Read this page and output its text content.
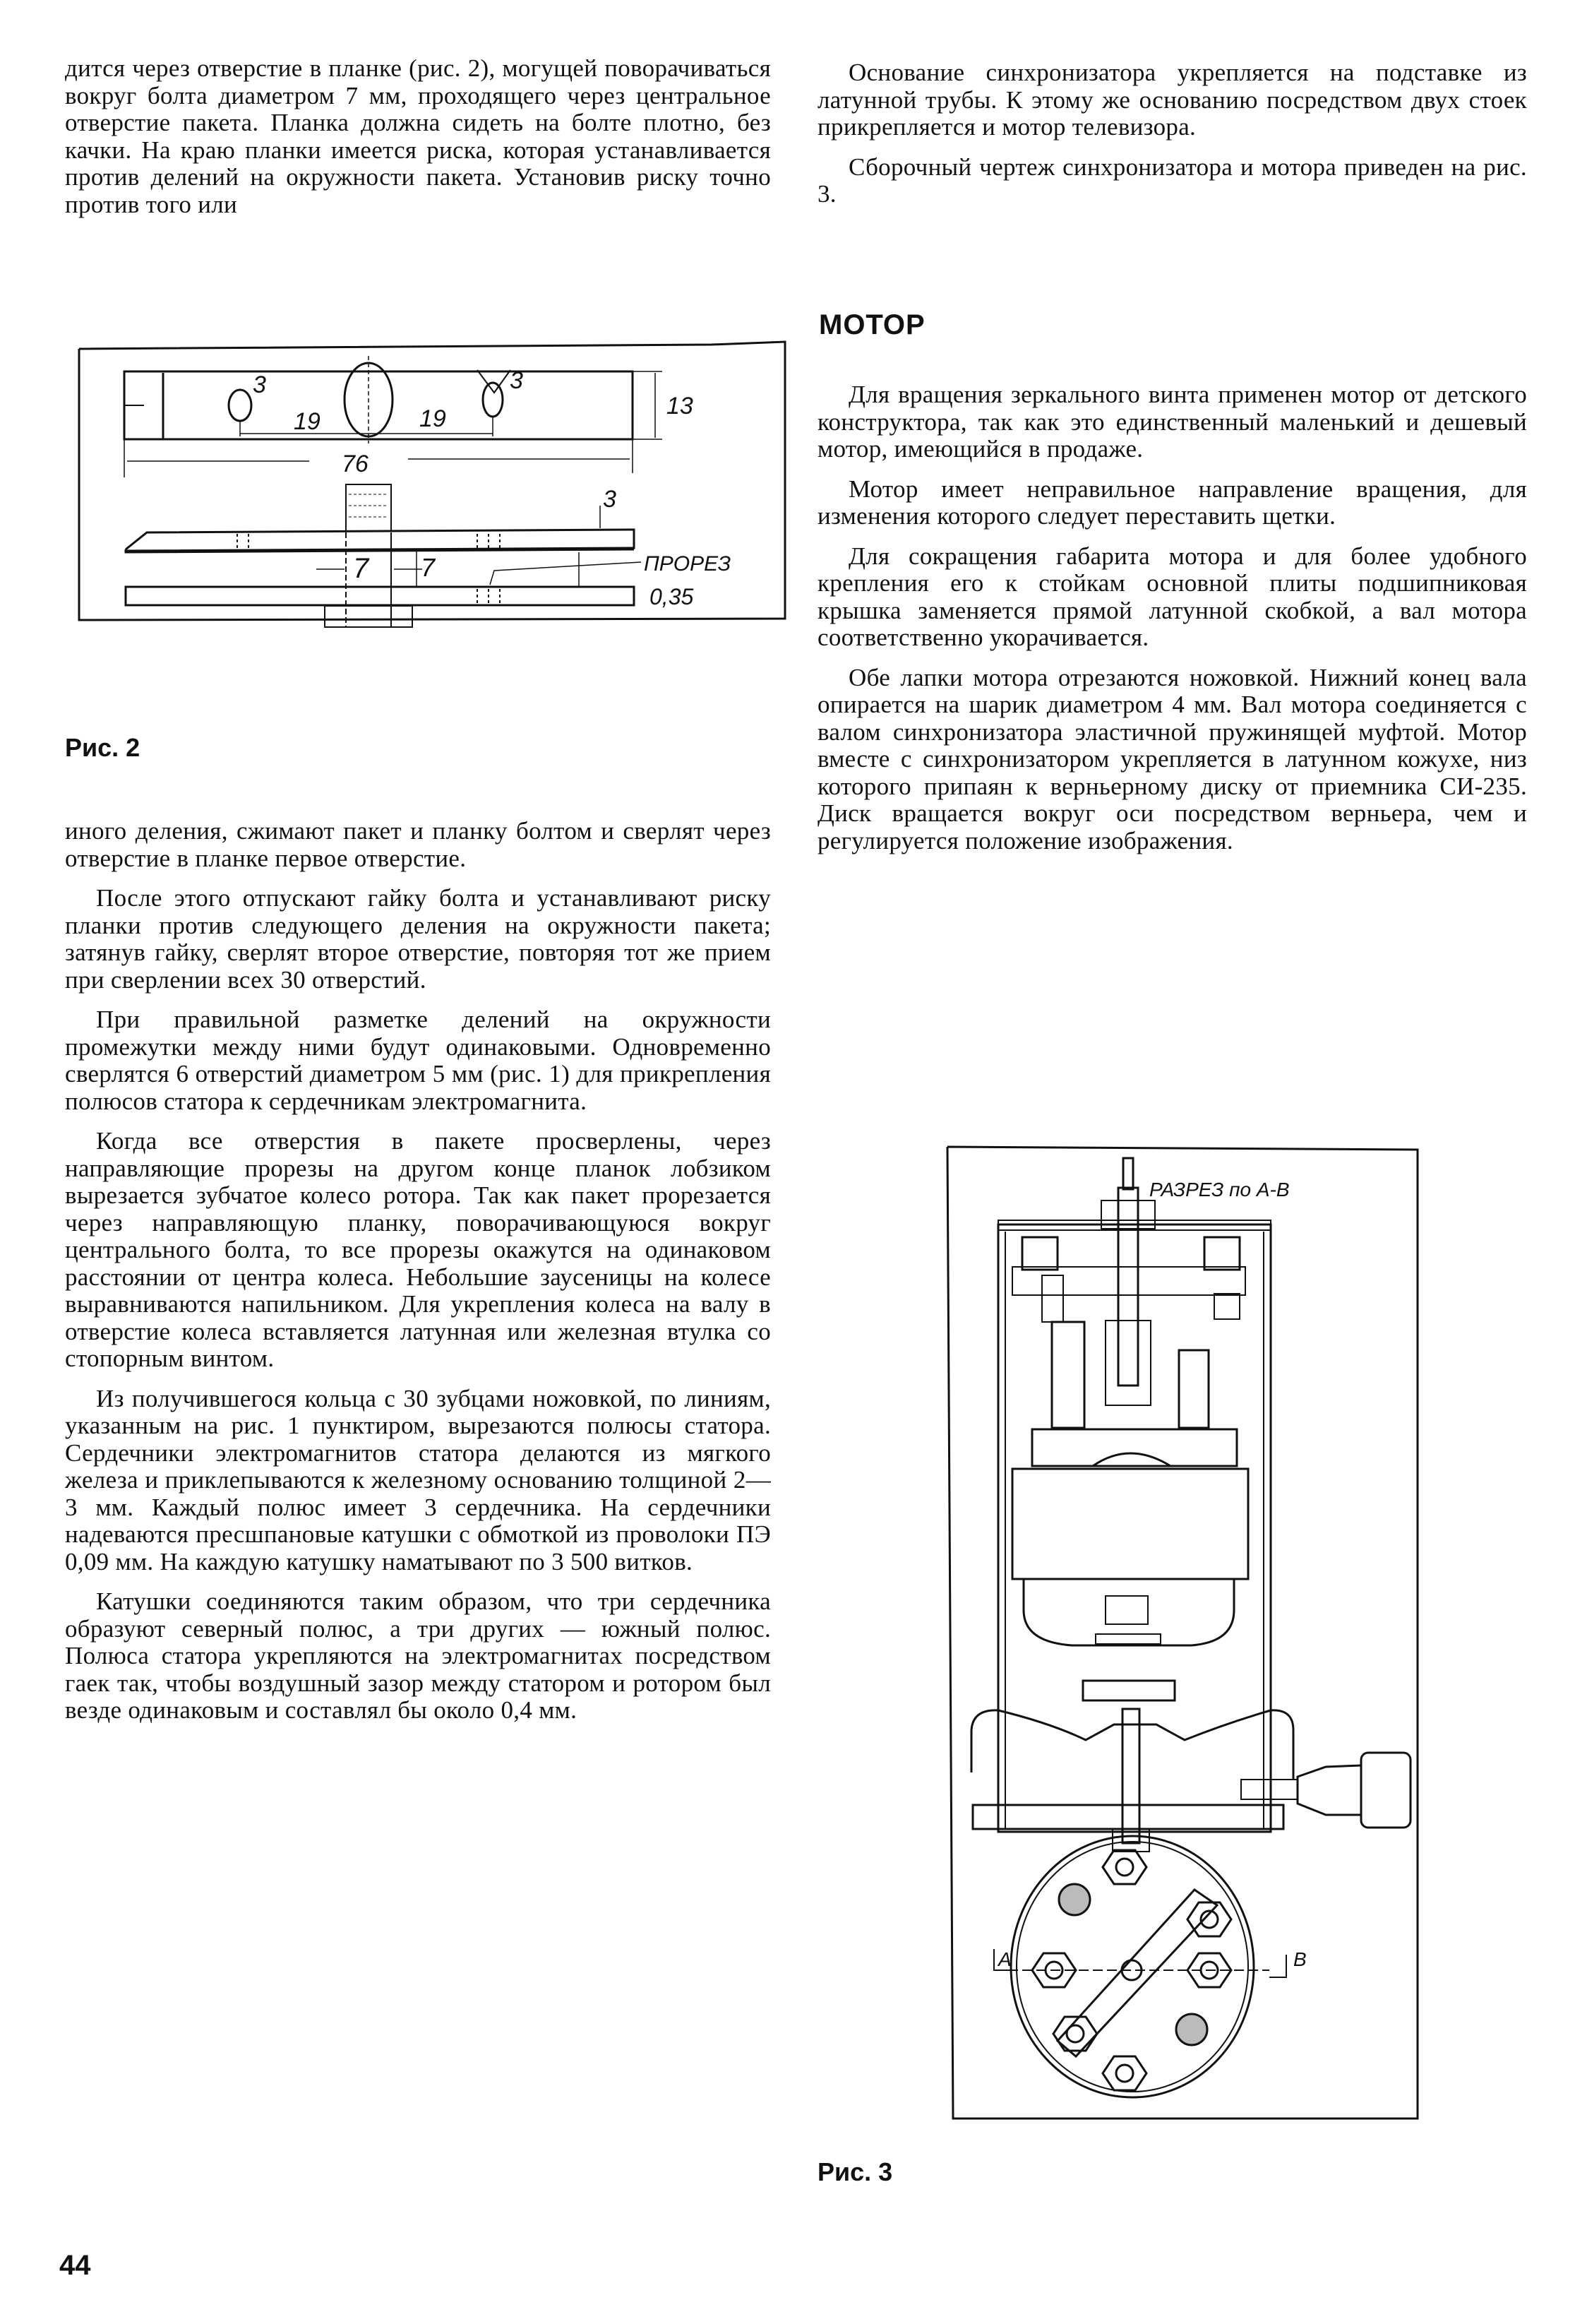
дится через отверстие в планке (рис. 2), могущей поворачиваться вокруг болта диаметром 7 мм, проходящего через центральное отверстие пакета. Планка должна сидеть на болте плотно, без качки. На краю планки имеется риска, которая устанавливается против делений на окружности пакета. Установив риску точно против того или

3	3
19	19	13
76
3
7 7	ПРОРЕЗ
0,35
Рис. 2

иного деления, сжимают пакет и планку болтом и сверлят через отверстие в планке первое отверстие.

После этого отпускают гайку болта и устанавливают риску планки против следующего деления на окружности пакета; затянув гайку, сверлят второе отверстие, повторяя тот же прием при сверлении всех 30 отверстий.

При правильной разметке делений на окружности промежутки между ними будут одинаковыми. Одновременно сверлятся 6 отверстий диаметром 5 мм (рис. 1) для прикрепления полюсов статора к сердечникам электромагнита.

Когда все отверстия в пакете просверлены, через направляющие прорезы на другом конце планок лобзиком вырезается зубчатое колесо ротора. Так как пакет прорезается через направляющую планку, поворачивающуюся вокруг центрального болта, то все прорезы окажутся на одинаковом расстоянии от центра колеса. Небольшие заусеницы на колесе выравниваются напильником. Для укрепления колеса на валу в отверстие колеса вставляется латунная или железная втулка со стопорным винтом.

Из получившегося кольца с 30 зубцами ножовкой, по линиям, указанным на рис. 1 пунктиром, вырезаются полюсы статора. Сердечники электромагнитов статора делаются из мягкого железа и приклепываются к железному основанию толщиной 2—3 мм. Каждый полюс имеет 3 сердечника. На сердечники надеваются пресшпановые катушки с обмоткой из проволоки ПЭ 0,09 мм. На каждую катушку наматывают по 3 500 витков.

Катушки соединяются таким образом, что три сердечника образуют северный полюс, а три других — южный полюс. Полюса статора укрепляются на электромагнитах посредством гаек так, чтобы воздушный зазор между статором и ротором был везде одинаковым и составлял бы около 0,4 мм.

Основание синхронизатора укрепляется на подставке из латунной трубы. К этому же основанию посредством двух стоек прикрепляется и мотор телевизора.

Сборочный чертеж синхронизатора и мотора приведен на рис. 3.

МОТОР

Для вращения зеркального винта применен мотор от детского конструктора, так как это единственный маленький и дешевый мотор, имеющийся в продаже.

Мотор имеет неправильное направление вращения, для изменения которого следует переставить щетки.

Для сокращения габарита мотора и для более удобного крепления его к стойкам основной плиты подшипниковая крышка заменяется прямой латунной скобкой, а вал мотора соответственно укорачивается.

Обе лапки мотора отрезаются ножовкой. Нижний конец вала опирается на шарик диаметром 4 мм. Вал мотора соединяется с валом синхронизатора эластичной пружинящей муфтой. Мотор вместе с синхронизатором укрепляется в латунном кожухе, низ которого припаян к верньерному диску от приемника СИ-235. Диск вращается вокруг оси посредством верньера, чем и регулируется положение изображения.

РАЗРЕЗ по А-В
А	В
Рис. 3
44
